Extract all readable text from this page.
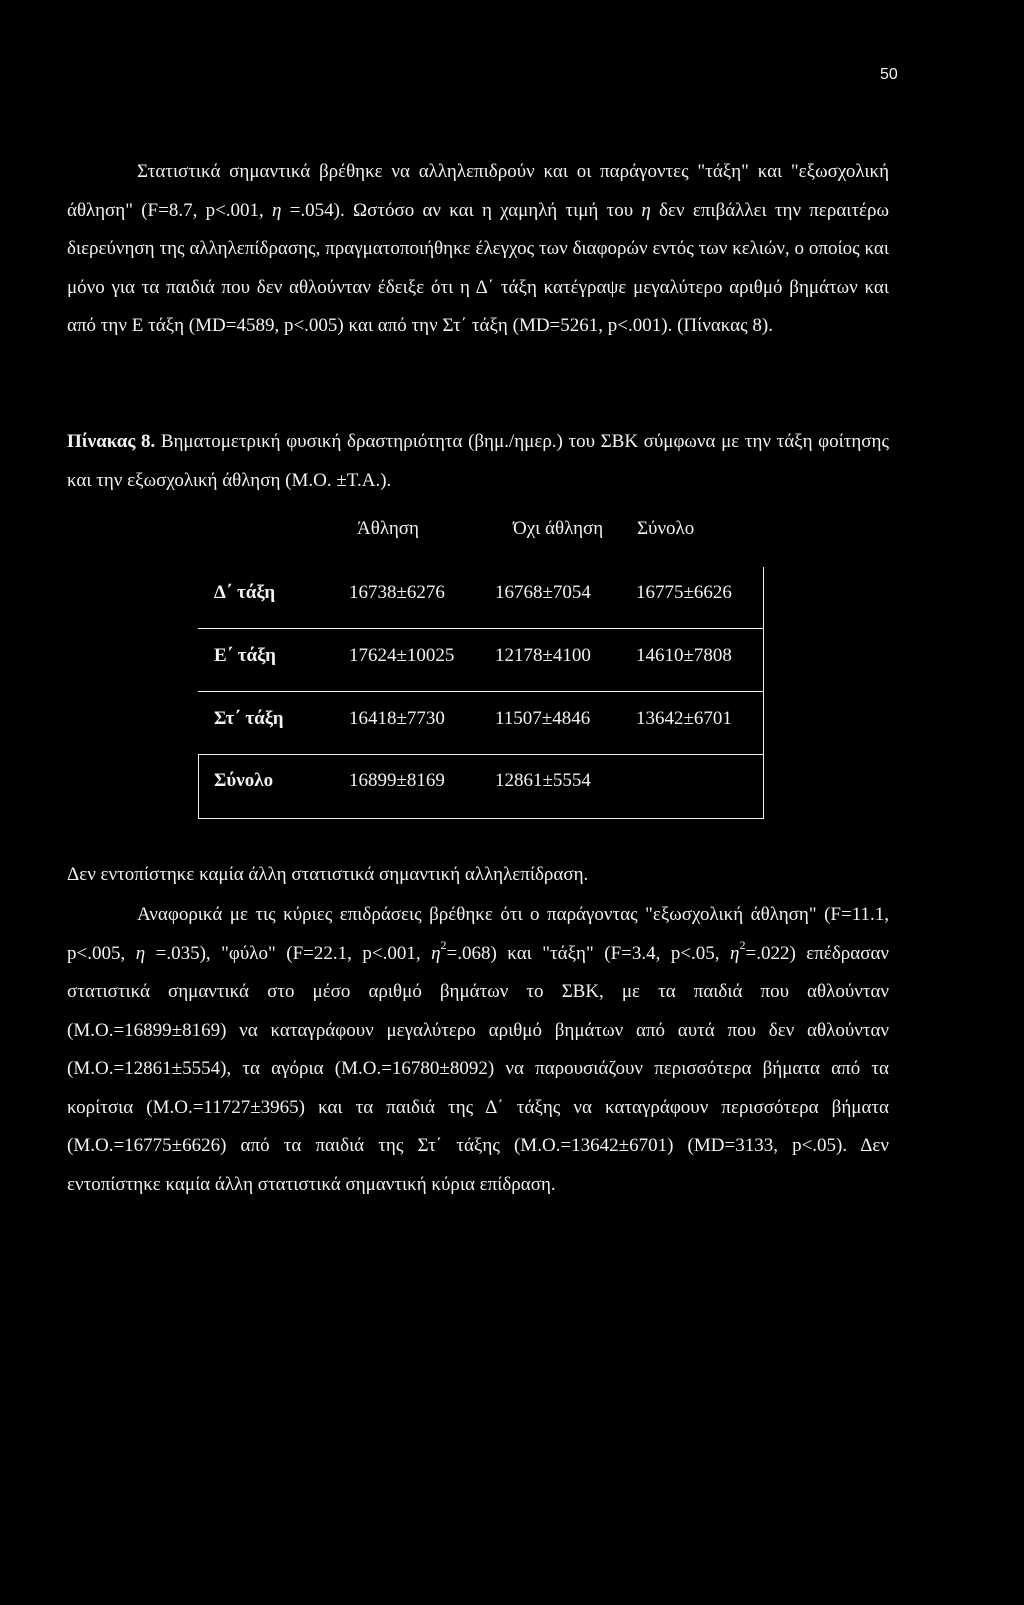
50
Στατιστικά σημαντικά βρέθηκε να αλληλεπιδρούν και οι παράγοντες "τάξη" και "εξωσχολική άθληση" (F=8.7, p<.001, η =.054). Ωστόσο αν και η χαμηλή τιμή του η δεν επιβάλλει την περαιτέρω διερεύνηση της αλληλεπίδρασης, πραγματοποιήθηκε έλεγχος των διαφορών εντός των κελιών, ο οποίος και μόνο για τα παιδιά που δεν αθλούνταν έδειξε ότι η Δ΄ τάξη κατέγραψε μεγαλύτερο αριθμό βημάτων και από την Ε τάξη (MD=4589, p<.005) και από την Στ΄ τάξη (MD=5261, p<.001). (Πίνακας 8).
Πίνακας 8. Βηματομετρική φυσική δραστηριότητα (βημ./ημερ.) του ΣΒΚ σύμφωνα με την τάξη φοίτησης και την εξωσχολική άθληση (Μ.Ο. ±Τ.Α.).
Άθληση	Όχι άθληση Σύνολο
Δ΄ τάξη	16738±6276	16768±7054 16775±6626
Ε΄ τάξη	17624±10025 12178±4100 14610±7808
Στ΄ τάξη	16418±7730	11507±4846 13642±6701
Σύνολο	16899±8169	12861±5554
Δεν εντοπίστηκε καμία άλλη στατιστικά σημαντική αλληλεπίδραση.
Αναφορικά με τις κύριες επιδράσεις βρέθηκε ότι ο παράγοντας "εξωσχολική άθληση" (F=11.1, p<.005, η =.035), "φύλο" (F=22.1, p<.001, $\eta^2=.068$) και "τάξη" (F=3.4, p<.05, $\eta^2=.022$) επέδρασαν στατιστικά σημαντικά στο μέσο αριθμό βημάτων το ΣΒΚ, με τα παιδιά που αθλούνταν (Μ.Ο.=16899±8169) να καταγράφουν μεγαλύτερο αριθμό βημάτων από αυτά που δεν αθλούνταν (Μ.Ο.=12861±5554), τα αγόρια (Μ.Ο.=16780±8092) να παρουσιάζουν περισσότερα βήματα από τα κορίτσια (Μ.Ο.=11727±3965) και τα παιδιά της Δ΄ τάξης να καταγράφουν περισσότερα βήματα (Μ.Ο.=16775±6626) από τα παιδιά της Στ΄ τάξης (Μ.Ο.=13642±6701) (MD=3133, p<.05). Δεν εντοπίστηκε καμία άλλη στατιστικά σημαντική κύρια επίδραση.
